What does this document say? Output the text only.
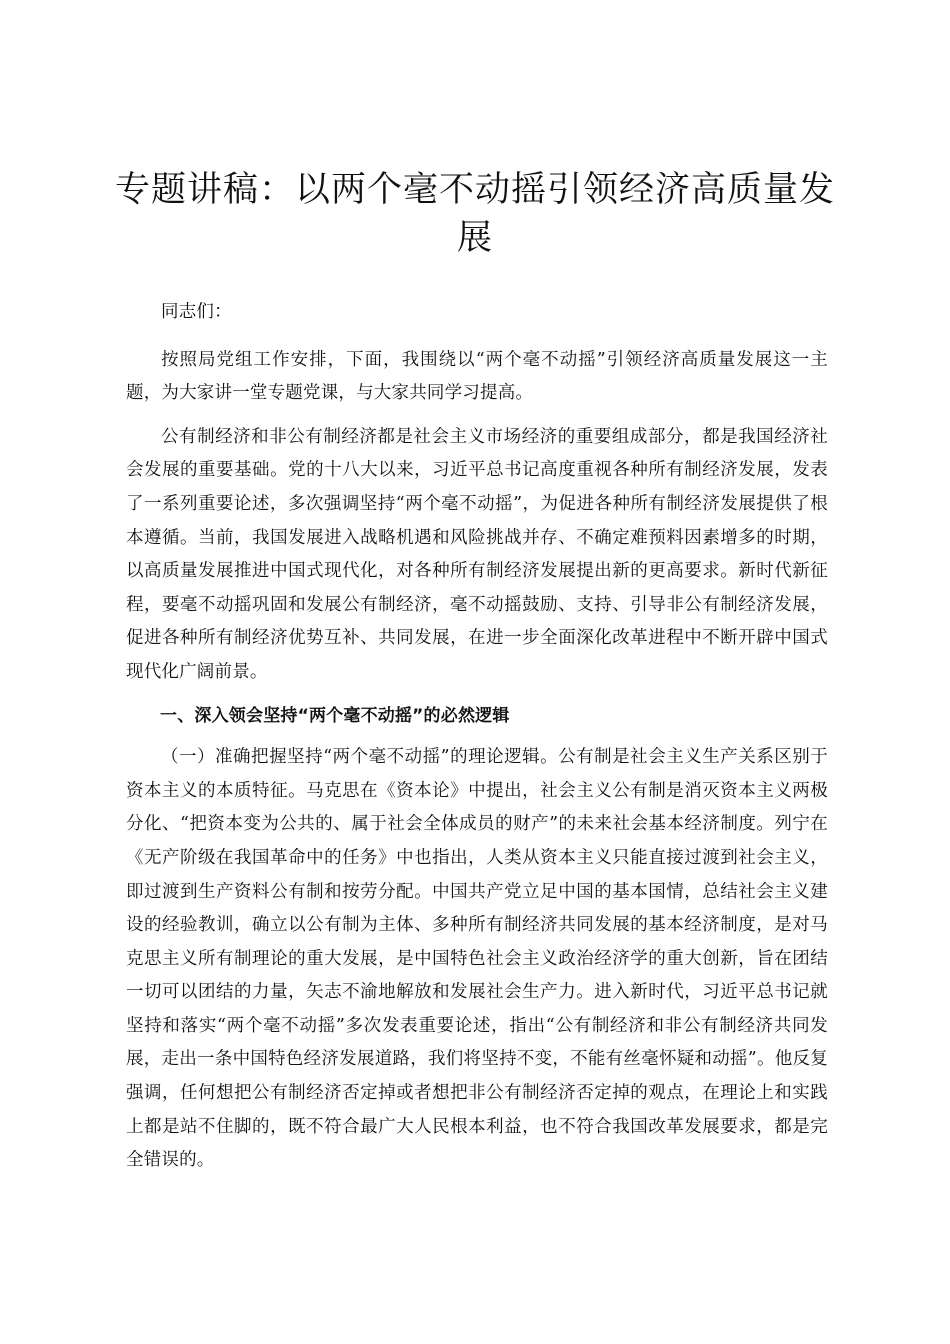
专题讲稿：以两个毫不动摇引领经济高质量发展

同志们：

按照局党组工作安排，下面，我围绕以“两个毫不动摇”引领经济高质量发展这一主题，为大家讲一堂专题党课，与大家共同学习提高。

公有制经济和非公有制经济都是社会主义市场经济的重要组成部分，都是我国经济社会发展的重要基础。党的十八大以来，习近平总书记高度重视各种所有制经济发展，发表了一系列重要论述，多次强调坚持“两个毫不动摇”，为促进各种所有制经济发展提供了根本遵循。当前，我国发展进入战略机遇和风险挑战并存、不确定难预料因素增多的时期，以高质量发展推进中国式现代化，对各种所有制经济发展提出新的更高要求。新时代新征程，要毫不动摇巩固和发展公有制经济，毫不动摇鼓励、支持、引导非公有制经济发展，促进各种所有制经济优势互补、共同发展，在进一步全面深化改革进程中不断开辟中国式现代化广阔前景。

一、深入领会坚持“两个毫不动摇”的必然逻辑

（一）准确把握坚持“两个毫不动摇”的理论逻辑。公有制是社会主义生产关系区别于资本主义的本质特征。马克思在《资本论》中提出，社会主义公有制是消灭资本主义两极分化、“把资本变为公共的、属于社会全体成员的财产”的未来社会基本经济制度。列宁在《无产阶级在我国革命中的任务》中也指出，人类从资本主义只能直接过渡到社会主义，即过渡到生产资料公有制和按劳分配。中国共产党立足中国的基本国情，总结社会主义建设的经验教训，确立以公有制为主体、多种所有制经济共同发展的基本经济制度，是对马克思主义所有制理论的重大发展，是中国特色社会主义政治经济学的重大创新，旨在团结一切可以团结的力量，矢志不渝地解放和发展社会生产力。进入新时代，习近平总书记就坚持和落实“两个毫不动摇”多次发表重要论述，指出“公有制经济和非公有制经济共同发展，走出一条中国特色经济发展道路，我们将坚持不变，不能有丝毫怀疑和动摇”。他反复强调，任何想把公有制经济否定掉或者想把非公有制经济否定掉的观点，在理论上和实践上都是站不住脚的，既不符合最广大人民根本利益，也不符合我国改革发展要求，都是完全错误的。
